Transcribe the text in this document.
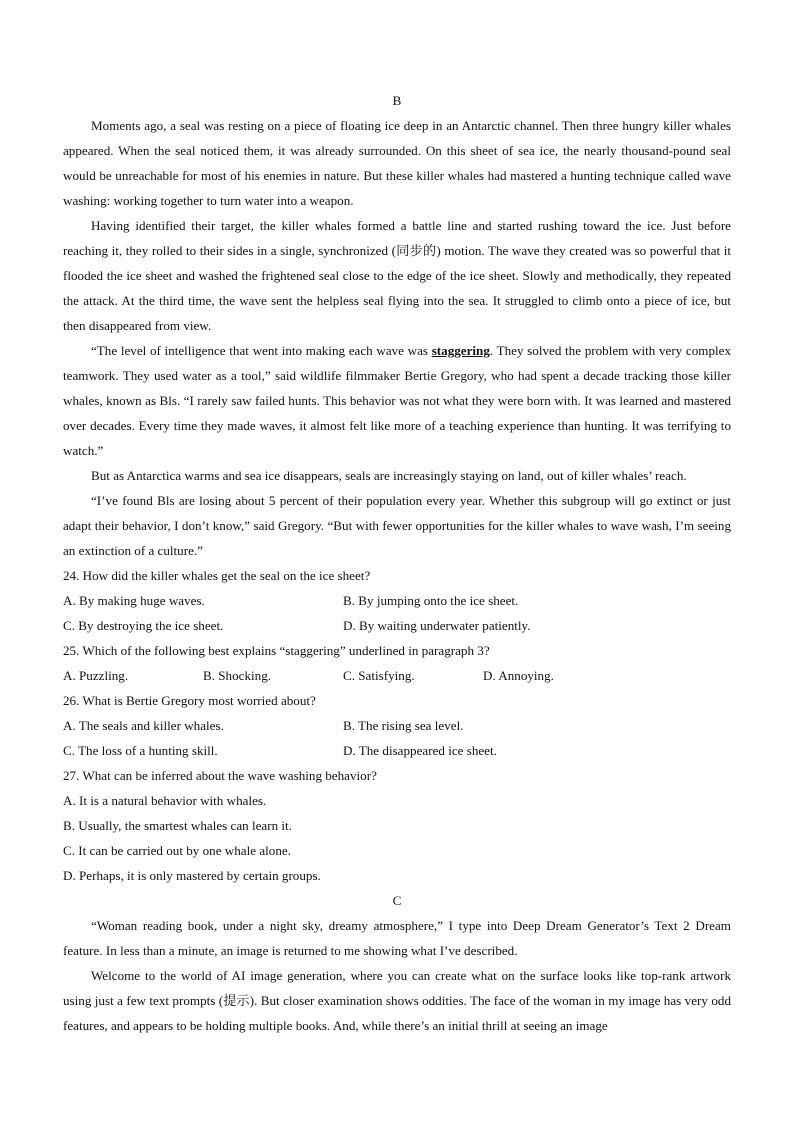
B

Moments ago, a seal was resting on a piece of floating ice deep in an Antarctic channel. Then three hungry killer whales appeared. When the seal noticed them, it was already surrounded. On this sheet of sea ice, the nearly thousand-pound seal would be unreachable for most of his enemies in nature. But these killer whales had mastered a hunting technique called wave washing: working together to turn water into a weapon.

Having identified their target, the killer whales formed a battle line and started rushing toward the ice. Just before reaching it, they rolled to their sides in a single, synchronized (同步的) motion. The wave they created was so powerful that it flooded the ice sheet and washed the frightened seal close to the edge of the ice sheet. Slowly and methodically, they repeated the attack. At the third time, the wave sent the helpless seal flying into the sea. It struggled to climb onto a piece of ice, but then disappeared from view.

“The level of intelligence that went into making each wave was staggering. They solved the problem with very complex teamwork. They used water as a tool,” said wildlife filmmaker Bertie Gregory, who had spent a decade tracking those killer whales, known as Bls. “I rarely saw failed hunts. This behavior was not what they were born with. It was learned and mastered over decades. Every time they made waves, it almost felt like more of a teaching experience than hunting. It was terrifying to watch.”

But as Antarctica warms and sea ice disappears, seals are increasingly staying on land, out of killer whales’ reach.

“I’ve found Bls are losing about 5 percent of their population every year. Whether this subgroup will go extinct or just adapt their behavior, I don’t know,” said Gregory. “But with fewer opportunities for the killer whales to wave wash, I’m seeing an extinction of a culture.”

24. How did the killer whales get the seal on the ice sheet?

A. By making huge waves.	B. By jumping onto the ice sheet.
C. By destroying the ice sheet.	D. By waiting underwater patiently.

25. Which of the following best explains “staggering” underlined in paragraph 3?

A. Puzzling.	B. Shocking.	C. Satisfying.	D. Annoying.

26. What is Bertie Gregory most worried about?

A. The seals and killer whales.	B. The rising sea level.
C. The loss of a hunting skill.	D. The disappeared ice sheet.

27. What can be inferred about the wave washing behavior?

A. It is a natural behavior with whales.

B. Usually, the smartest whales can learn it.

C. It can be carried out by one whale alone.

D. Perhaps, it is only mastered by certain groups.

C

“Woman reading book, under a night sky, dreamy atmosphere,” I type into Deep Dream Generator’s Text 2 Dream feature. In less than a minute, an image is returned to me showing what I’ve described.

Welcome to the world of AI image generation, where you can create what on the surface looks like top-rank artwork using just a few text prompts (提示). But closer examination shows oddities. The face of the woman in my image has very odd features, and appears to be holding multiple books. And, while there’s an initial thrill at seeing an image
